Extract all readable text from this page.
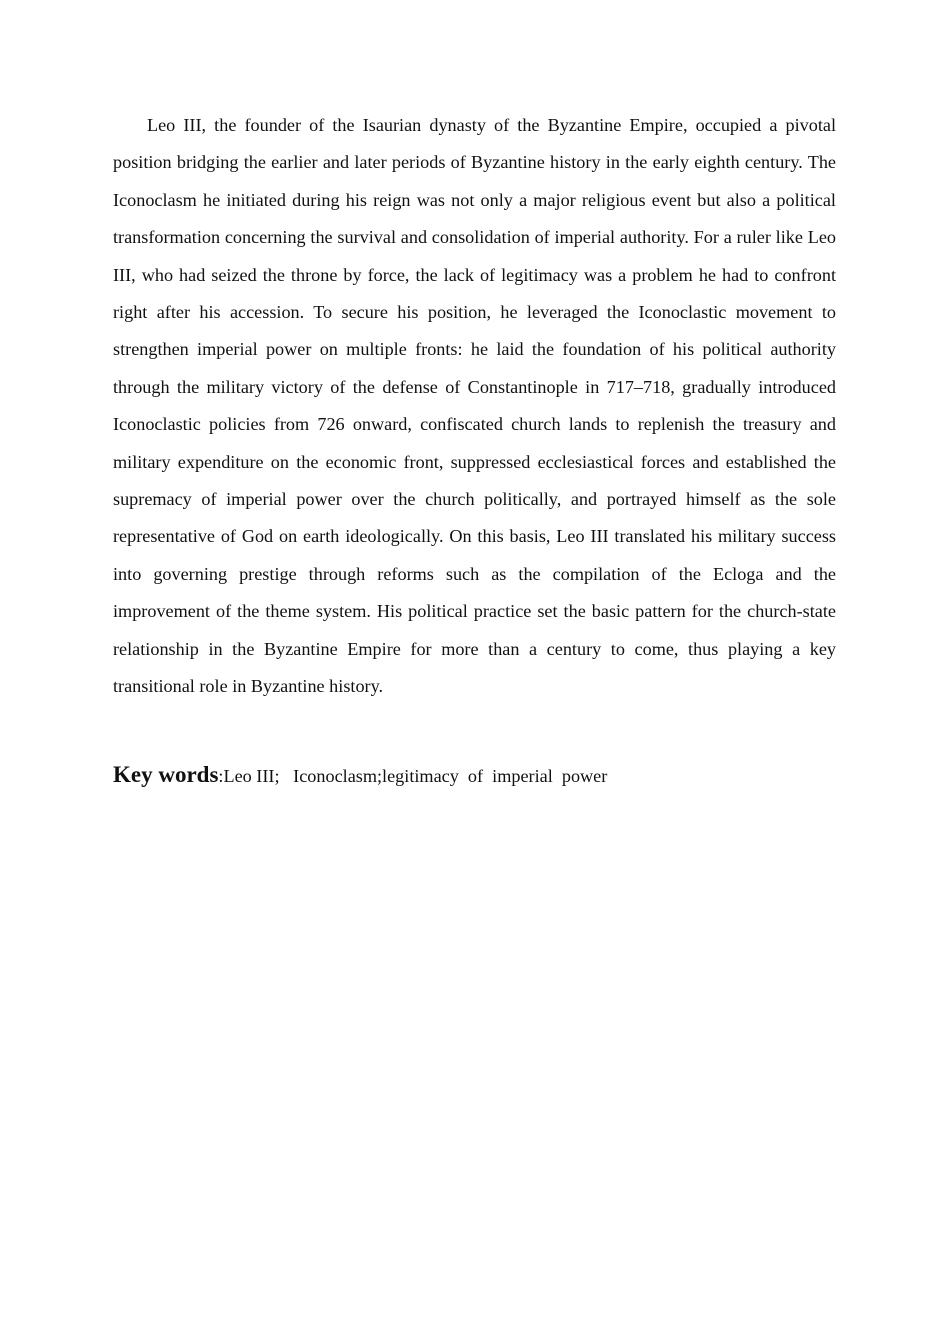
Leo III, the founder of the Isaurian dynasty of the Byzantine Empire, occupied a pivotal position bridging the earlier and later periods of Byzantine history in the early eighth century. The Iconoclasm he initiated during his reign was not only a major religious event but also a political transformation concerning the survival and consolidation of imperial authority. For a ruler like Leo III, who had seized the throne by force, the lack of legitimacy was a problem he had to confront right after his accession. To secure his position, he leveraged the Iconoclastic movement to strengthen imperial power on multiple fronts: he laid the foundation of his political authority through the military victory of the defense of Constantinople in 717–718, gradually introduced Iconoclastic policies from 726 onward, confiscated church lands to replenish the treasury and military expenditure on the economic front, suppressed ecclesiastical forces and established the supremacy of imperial power over the church politically, and portrayed himself as the sole representative of God on earth ideologically. On this basis, Leo III translated his military success into governing prestige through reforms such as the compilation of the Ecloga and the improvement of the theme system. His political practice set the basic pattern for the church-state relationship in the Byzantine Empire for more than a century to come, thus playing a key transitional role in Byzantine history.

Key words:Leo III;   Iconoclasm;legitimacy  of  imperial  power
